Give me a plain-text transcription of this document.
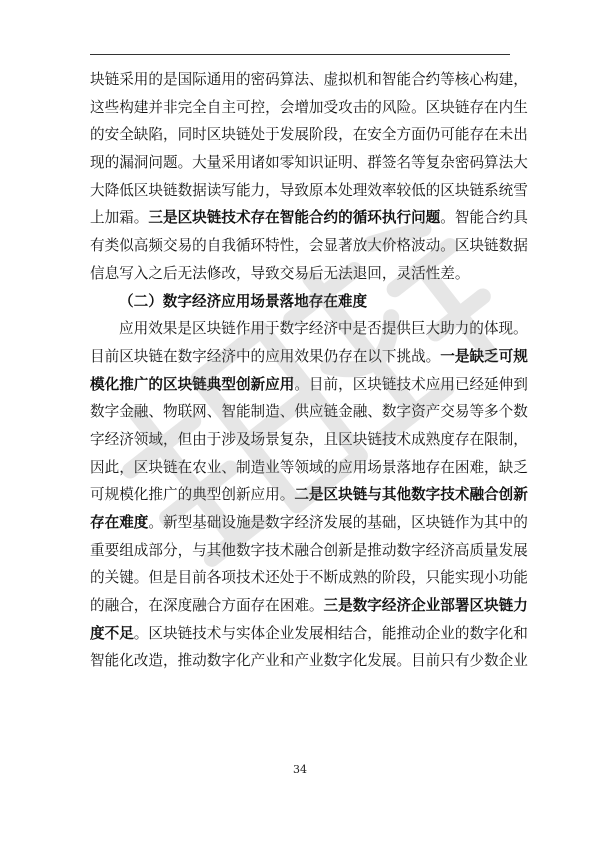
块链采用的是国际通用的密码算法、虚拟机和智能合约等核心构建，
这些构建并非完全自主可控，会增加受攻击的风险。区块链存在内生
的安全缺陷，同时区块链处于发展阶段，在安全方面仍可能存在未出
现的漏洞问题。大量采用诸如零知识证明、群签名等复杂密码算法大
大降低区块链数据读写能力，导致原本处理效率较低的区块链系统雪
上加霜。三是区块链技术存在智能合约的循环执行问题。智能合约具
有类似高频交易的自我循环特性，会显著放大价格波动。区块链数据
信息写入之后无法修改，导致交易后无法退回，灵活性差。
（二）数字经济应用场景落地存在难度
应用效果是区块链作用于数字经济中是否提供巨大助力的体现。
目前区块链在数字经济中的应用效果仍存在以下挑战。一是缺乏可规
模化推广的区块链典型创新应用。目前，区块链技术应用已经延伸到
数字金融、物联网、智能制造、供应链金融、数字资产交易等多个数
字经济领域，但由于涉及场景复杂，且区块链技术成熟度存在限制，
因此，区块链在农业、制造业等领域的应用场景落地存在困难，缺乏
可规模化推广的典型创新应用。二是区块链与其他数字技术融合创新
存在难度。新型基础设施是数字经济发展的基础，区块链作为其中的
重要组成部分，与其他数字技术融合创新是推动数字经济高质量发展
的关键。但是目前各项技术还处于不断成熟的阶段，只能实现小功能
的融合，在深度融合方面存在困难。三是数字经济企业部署区块链力
度不足。区块链技术与实体企业发展相结合，能推动企业的数字化和
智能化改造，推动数字化产业和产业数字化发展。目前只有少数企业
34
